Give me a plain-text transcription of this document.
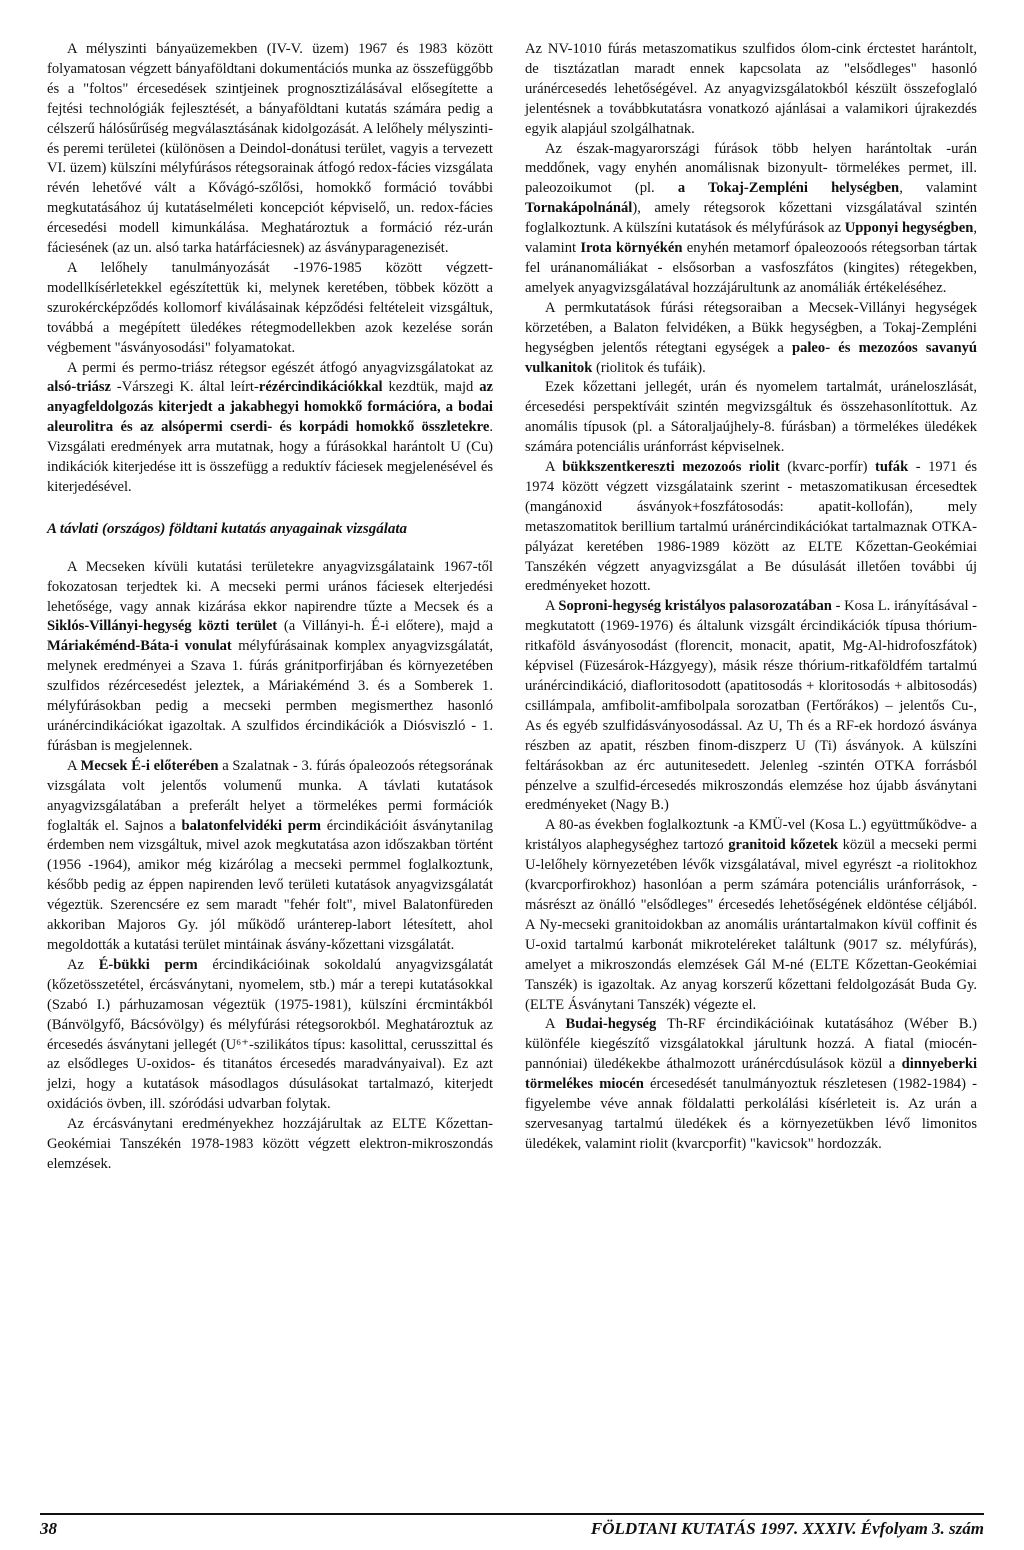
A mélyszinti bányaüzemekben (IV-V. üzem) 1967 és 1983 között folyamatosan végzett bányaföldtani dokumentációs munka az összefüggőbb és a "foltos" ércesedések szintjeinek prognosztizálásával elősegítette a fejtési technológiák fejlesztését, a bányaföldtani kutatás számára pedig a célszerű hálósűrűség megválasztásának kidolgozását. A lelőhely mélyszinti- és peremi területei (különösen a Deindol-donátusi terület, vagyis a tervezett VI. üzem) külszíni mélyfúrásos rétegsorainak átfogó redox-fácies vizsgálata révén lehetővé vált a Kővágó-szőlősi, homokkő formáció további megkutatásához új kutatáselméleti koncepciót képviselő, un. redox-fácies ércesedési modell kimunkálása. Meghatároztuk a formáció réz-urán fáciesének (az un. alsó tarka határfáciesnek) az ásványparagenezisét.

A lelőhely tanulmányozását -1976-1985 között végzett-modellkísérletekkel egészítettük ki, melynek keretében, többek között a szurokércképződés kollomorf kiválásainak képződési feltételeit vizsgáltuk, továbbá a megépített üledékes rétegmodellekben azok kezelése során végbement "ásványosodási" folyamatokat.

A permi és permo-triász rétegsor egészét átfogó anyagvizsgálatokat az alsó-triász -Várszegi K. által leírt-rézércindikációkkal kezdtük, majd az anyagfeldolgozás kiterjedt a jakabhegyi homokkő formációra, a bodai aleurolitra és az alsópermi cserdi- és korpádi homokkő összletekre. Vizsgálati eredmények arra mutatnak, hogy a fúrásokkal harántolt U (Cu) indikációk kiterjedése itt is összefügg a reduktív fáciesek megjelenésével és kiterjedésével.

A távlati (országos) földtani kutatás anyagainak vizsgálata

A Mecseken kívüli kutatási területekre anyagvizsgálataink 1967-től fokozatosan terjedtek ki. A mecseki permi urános fáciesek elterjedési lehetősége, vagy annak kizárása ekkor napirendre tűzte a Mecsek és a Siklós-Villányi-hegység közti terület (a Villányi-h. É-i előtere), majd a Máriakéménd-Báta-i vonulat mélyfúrásainak komplex anyagvizsgálatát, melynek eredményei a Szava 1. fúrás gránitporfirjában és környezetében szulfidos rézércesedést jeleztek, a Máriakéménd 3. és a Somberek 1. mélyfúrásokban pedig a mecseki permben megismerthez hasonló uránércindikációkat igazoltak. A szulfidos ércindikációk a Diósviszló - 1. fúrásban is megjelennek.

A Mecsek É-i előterében a Szalatnak - 3. fúrás ópaleozoós rétegsorának vizsgálata volt jelentős volumenű munka. A távlati kutatások anyagvizsgálatában a preferált helyet a törmelékes permi formációk foglalták el. Sajnos a balatonfelvidéki perm ércindikációit ásványtanilag érdemben nem vizsgáltuk, mivel azok megkutatása azon időszakban történt (1956 -1964), amikor még kizárólag a mecseki permmel foglalkoztunk, később pedig az éppen napirenden levő területi kutatások anyagvizsgálatát végeztük. Szerencsére ez sem maradt "fehér folt", mivel Balatonfüreden akkoriban Majoros Gy. jól működő uránterep-labort létesített, ahol megoldották a kutatási terület mintáinak ásvány-kőzettani vizsgálatát.

Az É-bükki perm ércindikációinak sokoldalú anyagvizsgálatát (kőzetösszetétel, ércásványtani, nyomelem, stb.) már a terepi kutatásokkal (Szabó I.) párhuzamosan végeztük (1975-1981), külszíni ércmintákból (Bánvölgyfő, Bácsóvölgy) és mélyfúrási rétegsorokból. Meghatároztuk az ércesedés ásványtani jellegét (U⁶⁺-szilikátos típus: kasolittal, cerusszittal és az elsődleges U-oxidos- és titanátos ércesedés maradványaival). Ez azt jelzi, hogy a kutatások másodlagos dúsulásokat tartalmazó, kiterjedt oxidációs övben, ill. szóródási udvarban folytak.

Az ércásványtani eredményekhez hozzájárultak az ELTE Kőzettan-Geokémiai Tanszékén 1978-1983 között végzett elektron-mikroszondás elemzések.

Az NV-1010 fúrás metaszomatikus szulfidos ólom-cink érctestet harántolt, de tisztázatlan maradt ennek kapcsolata az "elsődleges" hasonló uránércesedés lehetőségével. Az anyagvizsgálatokból készült összefoglaló jelentésnek a továbbkutatásra vonatkozó ajánlásai a valamikori újrakezdés egyik alapjául szolgálhatnak.

Az észak-magyarországi fúrások több helyen harántoltak -urán meddőnek, vagy enyhén anomálisnak bizonyult- törmelékes permet, ill. paleozoikumot (pl. a Tokaj-Zempléni helységben, valamint Tornakápolnánál), amely rétegsorok kőzettani vizsgálatával szintén foglalkoztunk. A külszíni kutatások és mélyfúrások az Upponyi hegységben, valamint Irota környékén enyhén metamorf ópaleozooós rétegsorban tártak fel uránanomáliákat - elsősorban a vasfoszfátos (kingites) rétegekben, amelyek anyagvizsgálatával hozzájárultunk az anomáliák értékeléséhez.

A permkutatások fúrási rétegsoraiban a Mecsek-Villányi hegységek körzetében, a Balaton felvidéken, a Bükk hegységben, a Tokaj-Zempléni hegységben jelentős rétegtani egységek a paleo- és mezozóos savanyú vulkanitok (riolitok és tufáik).

Ezek kőzettani jellegét, urán és nyomelem tartalmát, uráneloszlását, ércesedési perspektíváit szintén megvizsgáltuk és összehasonlítottuk. Az anomális típusok (pl. a Sátoraljaújhely-8. fúrásban) a törmelékes üledékek számára potenciális uránforrást képviselnek.

A bükkszentkereszti mezozoós riolit (kvarc-porfír) tufák - 1971 és 1974 között végzett vizsgálataink szerint - metaszomatikusan ércesedtek (mangánoxid ásványok+foszfátosodás: apatit-kollofán), mely metaszomatitok berillium tartalmú uránércindikációkat tartalmaznak OTKA-pályázat keretében 1986-1989 között az ELTE Kőzettan-Geokémiai Tanszékén végzett anyagvizsgálat a Be dúsulását illetően további új eredményeket hozott.

A Soproni-hegység kristályos palasorozatában - Kosa L. irányításával - megkutatott (1969-1976) és általunk vizsgált ércindikációk típusa thórium-ritkaföld ásványosodást (florencit, monacit, apatit, Mg-Al-hidrofoszfátok) képvisel (Füzesárok-Házgyegy), másik része thórium-ritkaföldfém tartalmú uránércindikáció, diafloritosodott (apatitosodás + kloritosodás + albitosodás) csillámpala, amfibolit-amfibolpala sorozatban (Fertőrákos) – jelentős Cu-, As és egyéb szulfidásványosodással. Az U, Th és a RF-ek hordozó ásványa részben az apatit, részben finom-diszperz U (Ti) ásványok. A külszíni feltárásokban az érc autunitesedett. Jelenleg -szintén OTKA forrásból pénzelve a szulfid-ércesedés mikroszondás elemzése hoz újabb ásványtani eredményeket (Nagy B.)

A 80-as években foglalkoztunk -a KMÜ-vel (Kosa L.) együttműködve- a kristályos alaphegységhez tartozó granitoid kőzetek közül a mecseki permi U-lelőhely környezetében lévők vizsgálatával, mivel egyrészt -a riolitokhoz (kvarcporfirokhoz) hasonlóan a perm számára potenciális uránforrások, -másrészt az önálló "elsődleges" ércesedés lehetőségének eldöntése céljából. A Ny-mecseki granitoidokban az anomális urántartalmakon kívül coffinit és U-oxid tartalmú karbonát mikroteléreket találtunk (9017 sz. mélyfúrás), amelyet a mikroszondás elemzések Gál M-né (ELTE Kőzettan-Geokémiai Tanszék) is igazoltak. Az anyag korszerű kőzettani feldolgozását Buda Gy. (ELTE Ásványtani Tanszék) végezte el.

A Budai-hegység Th-RF ércindikációinak kutatásához (Wéber B.) különféle kiegészítő vizsgálatokkal járultunk hozzá. A fiatal (miocén-pannóniai) üledékekbe áthalmozott uránércdúsulások közül a dinnyeberki törmelékes miocén ércesedését tanulmányoztuk részletesen (1982-1984) - figyelembe véve annak földalatti perkolálási kísérleteit is. Az urán a szervesanyag tartalmú üledékek és a környezetükben lévő limonitos üledékek, valamint riolit (kvarcporfit) "kavicsok" hordozzák.

38	FÖLDTANI KUTATÁS 1997. XXXIV. Évfolyam 3. szám
